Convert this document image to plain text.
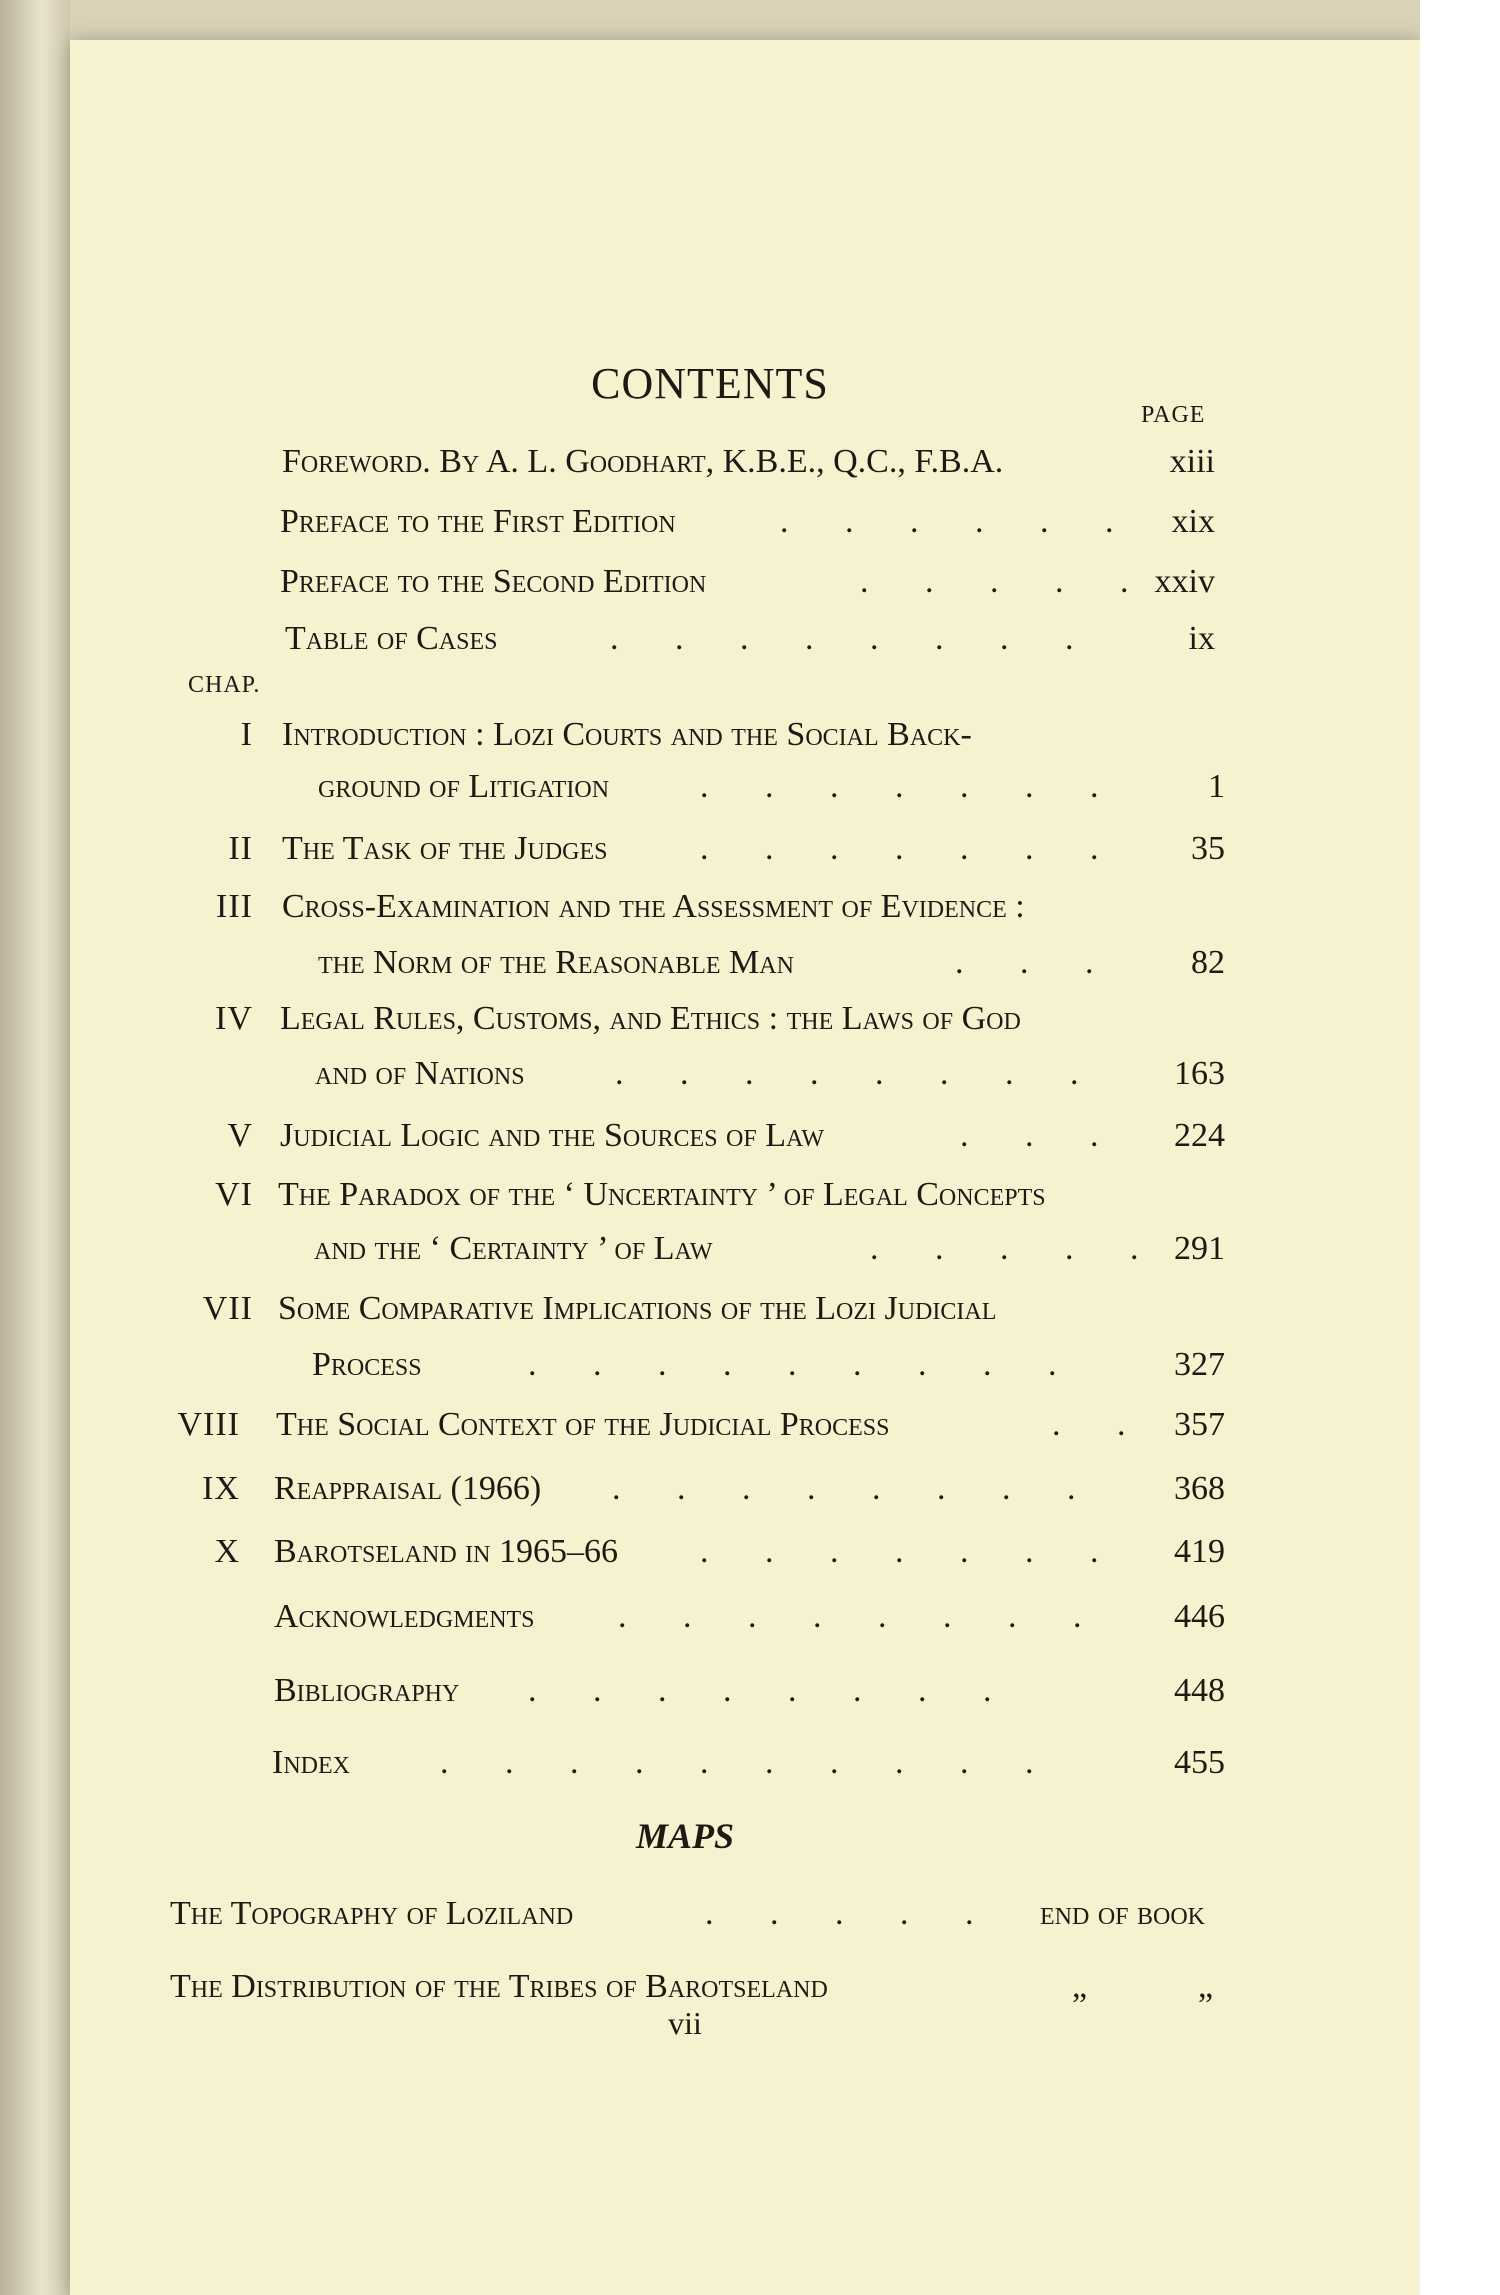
CONTENTS
PAGE
Foreword. By A. L. Goodhart, K.B.E., Q.C., F.B.A.	xiii
Preface to the First Edition	. . . . . .	xix
Preface to the Second Edition	. . . . . xxiv
Table of Cases	. . . . . . . .	ix
CHAP.
I Introduction : Lozi Courts and the Social Back-
ground of Litigation	. . . . . . .	1
II The Task of the Judges	. . . . . . .	35
III Cross-Examination and the Assessment of Evidence :
the Norm of the Reasonable Man	. . .	82
IV Legal Rules, Customs, and Ethics : the Laws of God
and of Nations	. . . . . . . .	163
V Judicial Logic and the Sources of Law	. . .	224
VI The Paradox of the ‘ Uncertainty ’ of Legal Concepts
and the ‘ Certainty ’ of Law	. . . . . 291
VII Some Comparative Implications of the Lozi Judicial
Process	. . . . . . . . .	327
VIII The Social Context of the Judicial Process	. . 357
IX Reappraisal (1966) . . . . . . . .	368
X Barotseland in 1965–66 . . . . . . .	419
Acknowledgments . . . . . . . .	446
Bibliography . . . . . . . .	448
Index	. . . . . . . . . .	455
MAPS
The Topography of Loziland	. . . . . end of book
The Distribution of the Tribes of Barotseland	„	„
vii
